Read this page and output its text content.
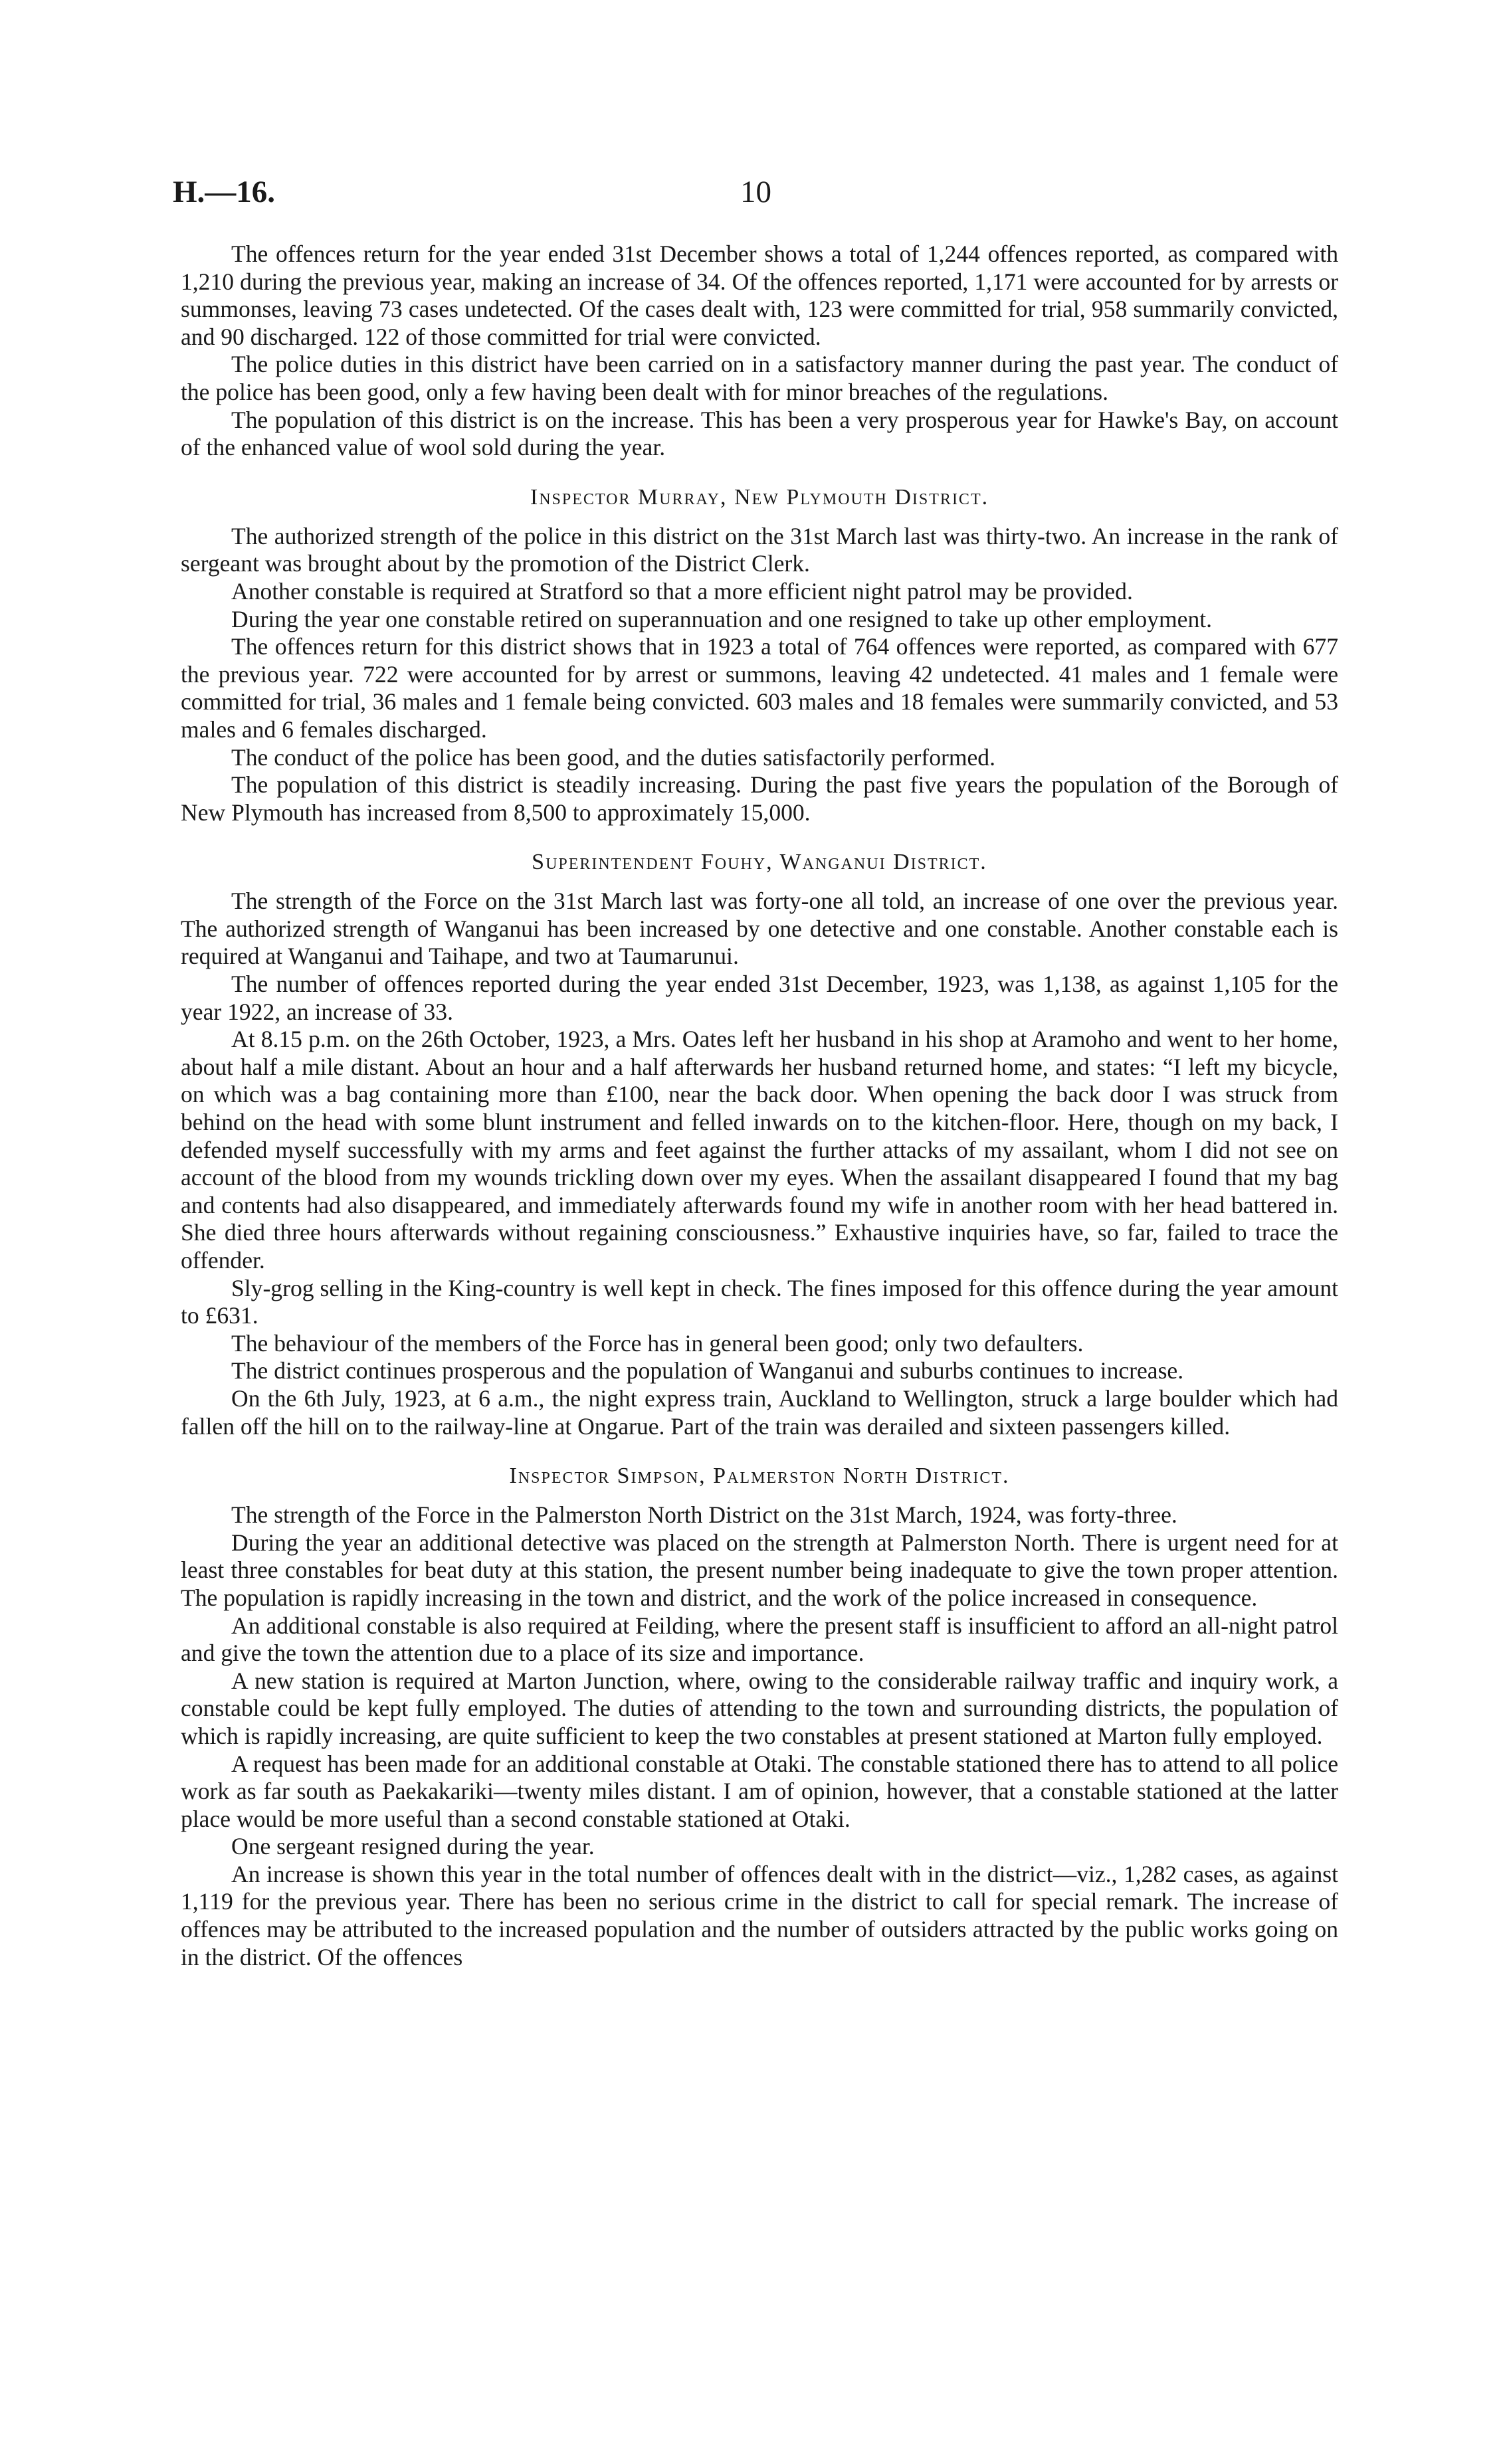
H.—16.	10

The offences return for the year ended 31st December shows a total of 1,244 offences reported, as compared with 1,210 during the previous year, making an increase of 34. Of the offences reported, 1,171 were accounted for by arrests or summonses, leaving 73 cases undetected. Of the cases dealt with, 123 were committed for trial, 958 summarily convicted, and 90 discharged. 122 of those committed for trial were convicted.

The police duties in this district have been carried on in a satisfactory manner during the past year. The conduct of the police has been good, only a few having been dealt with for minor breaches of the regulations.

The population of this district is on the increase. This has been a very prosperous year for Hawke's Bay, on account of the enhanced value of wool sold during the year.

Inspector Murray, New Plymouth District.

The authorized strength of the police in this district on the 31st March last was thirty-two. An increase in the rank of sergeant was brought about by the promotion of the District Clerk.

Another constable is required at Stratford so that a more efficient night patrol may be provided.

During the year one constable retired on superannuation and one resigned to take up other employment.

The offences return for this district shows that in 1923 a total of 764 offences were reported, as compared with 677 the previous year. 722 were accounted for by arrest or summons, leaving 42 undetected. 41 males and 1 female were committed for trial, 36 males and 1 female being convicted. 603 males and 18 females were summarily convicted, and 53 males and 6 females discharged.

The conduct of the police has been good, and the duties satisfactorily performed.

The population of this district is steadily increasing. During the past five years the population of the Borough of New Plymouth has increased from 8,500 to approximately 15,000.

Superintendent Fouhy, Wanganui District.

The strength of the Force on the 31st March last was forty-one all told, an increase of one over the previous year. The authorized strength of Wanganui has been increased by one detective and one constable. Another constable each is required at Wanganui and Taihape, and two at Taumarunui.

The number of offences reported during the year ended 31st December, 1923, was 1,138, as against 1,105 for the year 1922, an increase of 33.

At 8.15 p.m. on the 26th October, 1923, a Mrs. Oates left her husband in his shop at Aramoho and went to her home, about half a mile distant. About an hour and a half afterwards her husband returned home, and states: “I left my bicycle, on which was a bag containing more than £100, near the back door. When opening the back door I was struck from behind on the head with some blunt instrument and felled inwards on to the kitchen-floor. Here, though on my back, I defended myself successfully with my arms and feet against the further attacks of my assailant, whom I did not see on account of the blood from my wounds trickling down over my eyes. When the assailant disappeared I found that my bag and contents had also disappeared, and immediately afterwards found my wife in another room with her head battered in. She died three hours afterwards without regaining consciousness.” Exhaustive inquiries have, so far, failed to trace the offender.

Sly-grog selling in the King-country is well kept in check. The fines imposed for this offence during the year amount to £631.

The behaviour of the members of the Force has in general been good; only two defaulters.

The district continues prosperous and the population of Wanganui and suburbs continues to increase.

On the 6th July, 1923, at 6 a.m., the night express train, Auckland to Wellington, struck a large boulder which had fallen off the hill on to the railway-line at Ongarue. Part of the train was derailed and sixteen passengers killed.

Inspector Simpson, Palmerston North District.

The strength of the Force in the Palmerston North District on the 31st March, 1924, was forty-three.

During the year an additional detective was placed on the strength at Palmerston North. There is urgent need for at least three constables for beat duty at this station, the present number being inadequate to give the town proper attention. The population is rapidly increasing in the town and district, and the work of the police increased in consequence.

An additional constable is also required at Feilding, where the present staff is insufficient to afford an all-night patrol and give the town the attention due to a place of its size and importance.

A new station is required at Marton Junction, where, owing to the considerable railway traffic and inquiry work, a constable could be kept fully employed. The duties of attending to the town and surrounding districts, the population of which is rapidly increasing, are quite sufficient to keep the two constables at present stationed at Marton fully employed.

A request has been made for an additional constable at Otaki. The constable stationed there has to attend to all police work as far south as Paekakariki—twenty miles distant. I am of opinion, however, that a constable stationed at the latter place would be more useful than a second constable stationed at Otaki.

One sergeant resigned during the year.

An increase is shown this year in the total number of offences dealt with in the district—viz., 1,282 cases, as against 1,119 for the previous year. There has been no serious crime in the district to call for special remark. The increase of offences may be attributed to the increased population and the number of outsiders attracted by the public works going on in the district. Of the offences
